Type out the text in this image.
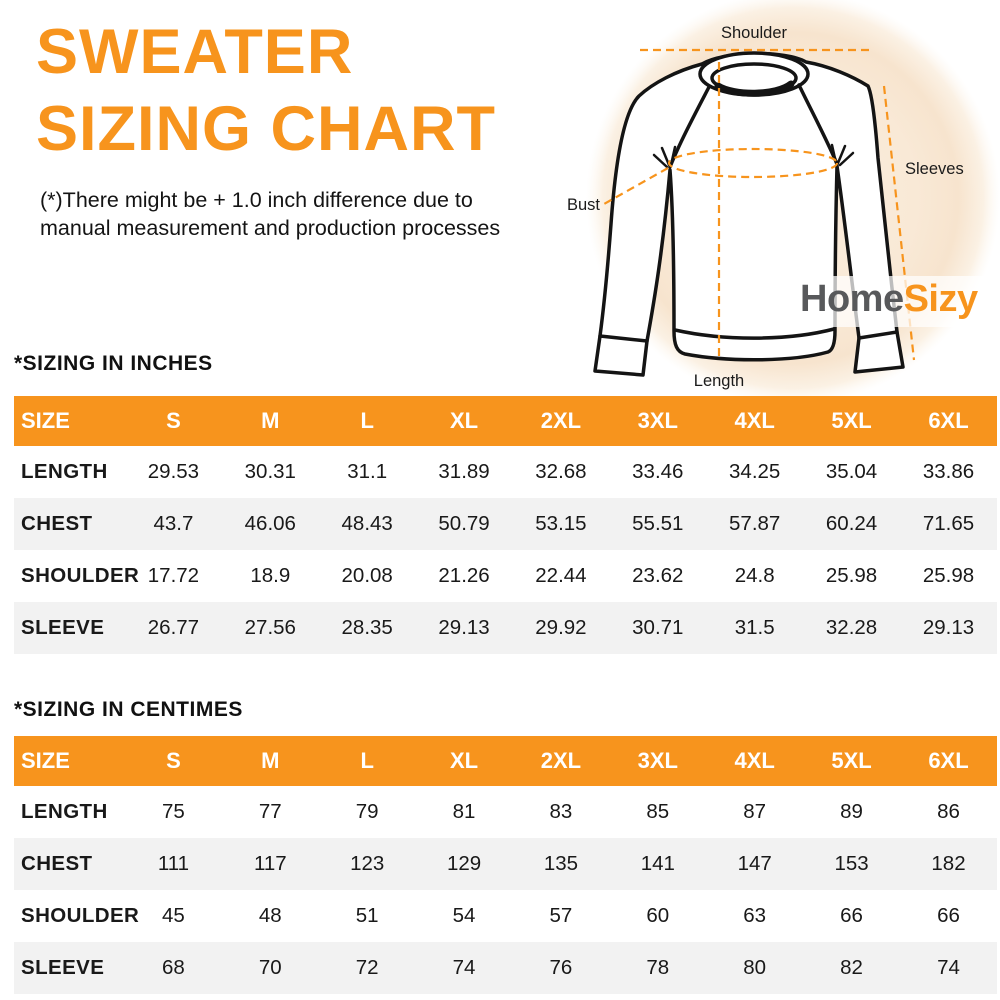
SWEATER
SIZING CHART
(*)There might be + 1.0 inch difference due to
manual measurement and production processes
Shoulder
Bust
Sleeves
Length
HomeSizy
*SIZING IN INCHES
SIZE	S	M	L	XL	2XL	3XL	4XL	5XL	6XL
LENGTH	29.53	30.31	31.1	31.89	32.68	33.46	34.25	35.04	33.86
CHEST	43.7	46.06	48.43	50.79	53.15	55.51	57.87	60.24	71.65
SHOULDER	17.72	18.9	20.08	21.26	22.44	23.62	24.8	25.98	25.98
SLEEVE	26.77	27.56	28.35	29.13	29.92	30.71	31.5	32.28	29.13
*SIZING IN CENTIMES
SIZE	S	M	L	XL	2XL	3XL	4XL	5XL	6XL
LENGTH	75	77	79	81	83	85	87	89	86
CHEST	111	117	123	129	135	141	147	153	182
SHOULDER	45	48	51	54	57	60	63	66	66
SLEEVE	68	70	72	74	76	78	80	82	74
